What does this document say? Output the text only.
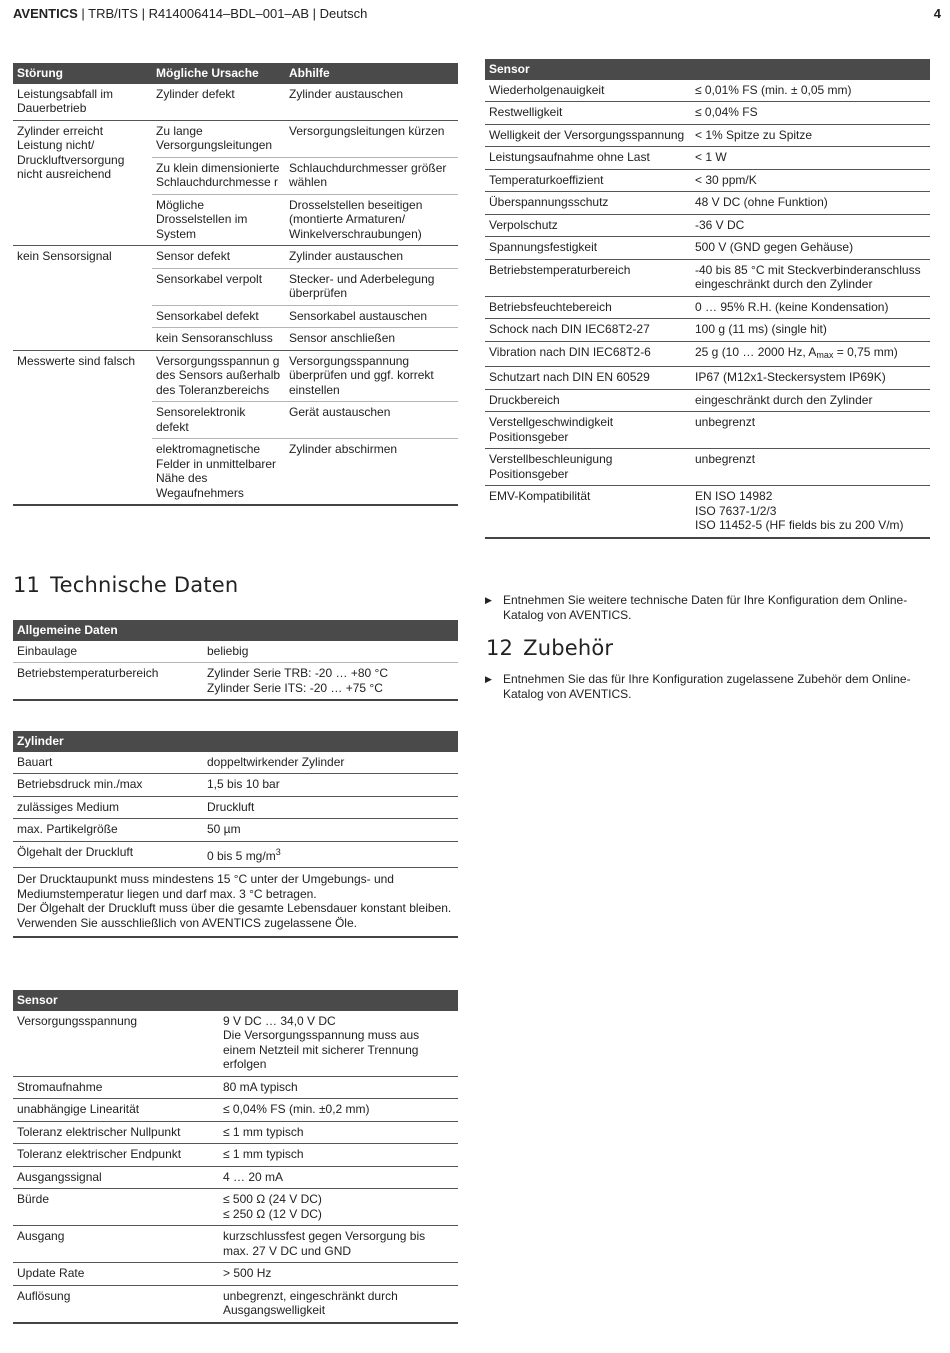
AVENTICS | TRB/ITS | R414006414–BDL–001–AB | Deutsch	4
Störung	Mögliche Ursache	Abhilfe
Leistungsabfall im Dauerbetrieb	Zylinder defekt	Zylinder austauschen
Zylinder erreicht Leistung nicht/ Druckluftversorgung nicht ausreichend	Zu lange Versorgungsleitungen	Versorgungsleitungen kürzen
	Zu klein dimensionierte Schlauchdurchmesse r	Schlauchdurchmesser größer wählen
	Mögliche Drosselstellen im System	Drosselstellen beseitigen (montierte Armaturen/ Winkelverschraubungen)
kein Sensorsignal	Sensor defekt	Zylinder austauschen
	Sensorkabel verpolt	Stecker- und Aderbelegung überprüfen
	Sensorkabel defekt	Sensorkabel austauschen
	kein Sensoranschluss	Sensor anschließen
Messwerte sind falsch	Versorgungsspannun g des Sensors außerhalb des Toleranzbereichs	Versorgungsspannung überprüfen und ggf. korrekt einstellen
	Sensorelektronik defekt	Gerät austauschen
	elektromagnetische Felder in unmittelbarer Nähe des Wegaufnehmers	Zylinder abschirmen
11 Technische Daten
Allgemeine Daten	
Einbaulage	beliebig
Betriebstemperaturbereich	Zylinder Serie TRB: -20 … +80 °C
Zylinder Serie ITS: -20 … +75 °C
Zylinder	
Bauart	doppeltwirkender Zylinder
Betriebsdruck min./max	1,5 bis 10 bar
zulässiges Medium	Druckluft
max. Partikelgröße	50 µm
Ölgehalt der Druckluft	0 bis 5 $mg/m^3$
Der Drucktaupunkt muss mindestens 15 °C unter der Umgebungs- und Mediumstemperatur liegen und darf max. 3 °C betragen.
Der Ölgehalt der Druckluft muss über die gesamte Lebensdauer konstant bleiben.
Verwenden Sie ausschließlich von AVENTICS zugelassene Öle.	
Sensor	
Versorgungsspannung	9 V DC … 34,0 V DC
Die Versorgungsspannung muss aus einem Netzteil mit sicherer Trennung erfolgen
Stromaufnahme	80 mA typisch
unabhängige Linearität	≤ 0,04% FS (min. ±0,2 mm)
Toleranz elektrischer Nullpunkt	≤ 1 mm typisch
Toleranz elektrischer Endpunkt	≤ 1 mm typisch
Ausgangssignal	4 … 20 mA
Bürde	≤ 500 Ω (24 V DC)
≤ 250 Ω (12 V DC)
Ausgang	kurzschlussfest gegen Versorgung bis max. 27 V DC und GND
Update Rate	> 500 Hz
Auflösung	unbegrenzt, eingeschränkt durch Ausgangswelligkeit
Sensor	
Wiederholgenauigkeit	≤ 0,01% FS (min. ± 0,05 mm)
Restwelligkeit	≤ 0,04% FS
Welligkeit der Versorgungsspannung	< 1% Spitze zu Spitze
Leistungsaufnahme ohne Last	< 1 W
Temperaturkoeffizient	< 30 ppm/K
Überspannungsschutz	48 V DC (ohne Funktion)
Verpolschutz	-36 V DC
Spannungsfestigkeit	500 V (GND gegen Gehäuse)
Betriebstemperaturbereich	-40 bis 85 °C mit Steckverbinderanschluss eingeschränkt durch den Zylinder
Betriebsfeuchtebereich	0 … 95% R.H. (keine Kondensation)
Schock nach DIN IEC68T2-27	100 g (11 ms) (single hit)
Vibration nach DIN IEC68T2-6	25 g (10 … 2000 Hz, $A_{max} = 0,75$ mm)
Schutzart nach DIN EN 60529	IP67 (M12x1-Steckersystem IP69K)
Druckbereich	eingeschränkt durch den Zylinder
Verstellgeschwindigkeit Positionsgeber	unbegrenzt
Verstellbeschleunigung Positionsgeber	unbegrenzt
EMV-Kompatibilität	EN ISO 14982
ISO 7637-1/2/3
ISO 11452-5 (HF fields bis zu 200 V/m)
▶ Entnehmen Sie weitere technische Daten für Ihre Konfiguration dem Online-Katalog von AVENTICS.
12 Zubehör
▶ Entnehmen Sie das für Ihre Konfiguration zugelassene Zubehör dem Online-Katalog von AVENTICS.
